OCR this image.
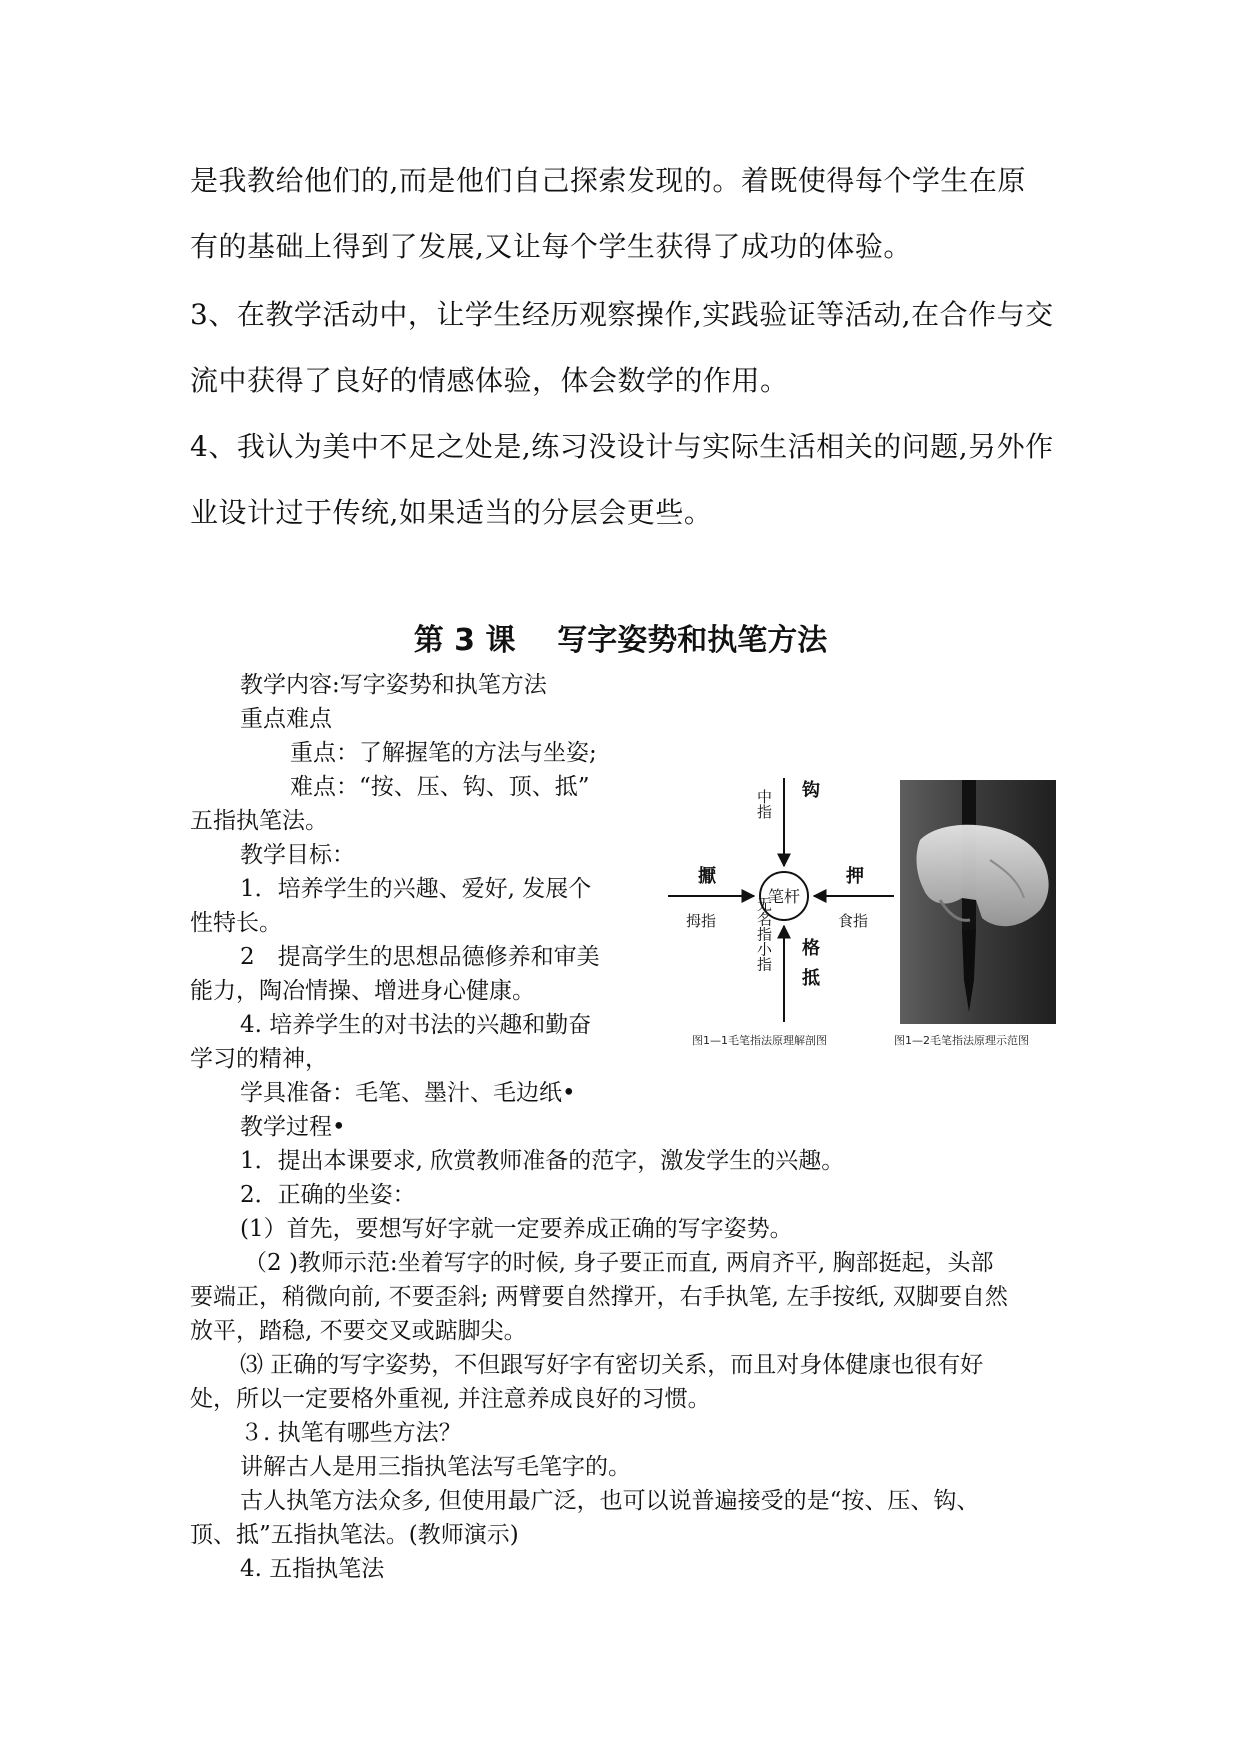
是我教给他们的,而是他们自己探索发现的。着既使得每个学生在原
有的基础上得到了发展,又让每个学生获得了成功的体验。
3、在教学活动中，让学生经历观察操作,实践验证等活动,在合作与交
流中获得了良好的情感体验，体会数学的作用。
4、我认为美中不足之处是,练习没设计与实际生活相关的问题,另外作
业设计过于传统,如果适当的分层会更些。
第 3 课    写字姿势和执笔方法
教学内容:写字姿势和执笔方法
重点难点
重点：了解握笔的方法与坐姿;
难点：“按、压、钩、顶、抵”
五指执笔法。
教学目标：
1．培养学生的兴趣、爱好, 发展个
性特长。
2　提高学生的思想品德修养和审美
能力，陶冶情操、增进身心健康。
4. 培养学生的对书法的兴趣和勤奋
学习的精神，
学具准备：毛笔、墨汁、毛边纸•
教学过程•
1．提出本课要求, 欣赏教师准备的范字，激发学生的兴趣。
2．正确的坐姿：
(1）首先，要想写好字就一定要养成正确的写字姿势。
（2 )教师示范:坐着写字的时候, 身子要正而直, 两肩齐平, 胸部挺起，头部
要端正，稍微向前, 不要歪斜; 两臂要自然撑开，右手执笔, 左手按纸, 双脚要自然
放平，踏稳, 不要交叉或踮脚尖。
⑶ 正确的写字姿势，不但跟写好字有密切关系，而且对身体健康也很有好
处，所以一定要格外重视, 并注意养成良好的习惯。
３. 执笔有哪些方法？
讲解古人是用三指执笔法写毛笔字的。
古人执笔方法众多, 但使用最广泛，也可以说普遍接受的是“按、压、钩、
顶、抵”五指执笔法。(教师演示)
4. 五指执笔法
笔杆
中指 钩
擫
拇指
押
食指
无名指小指 格
抵
图1—1毛笔指法原理解剖图	图1—2毛笔指法原理示范图
